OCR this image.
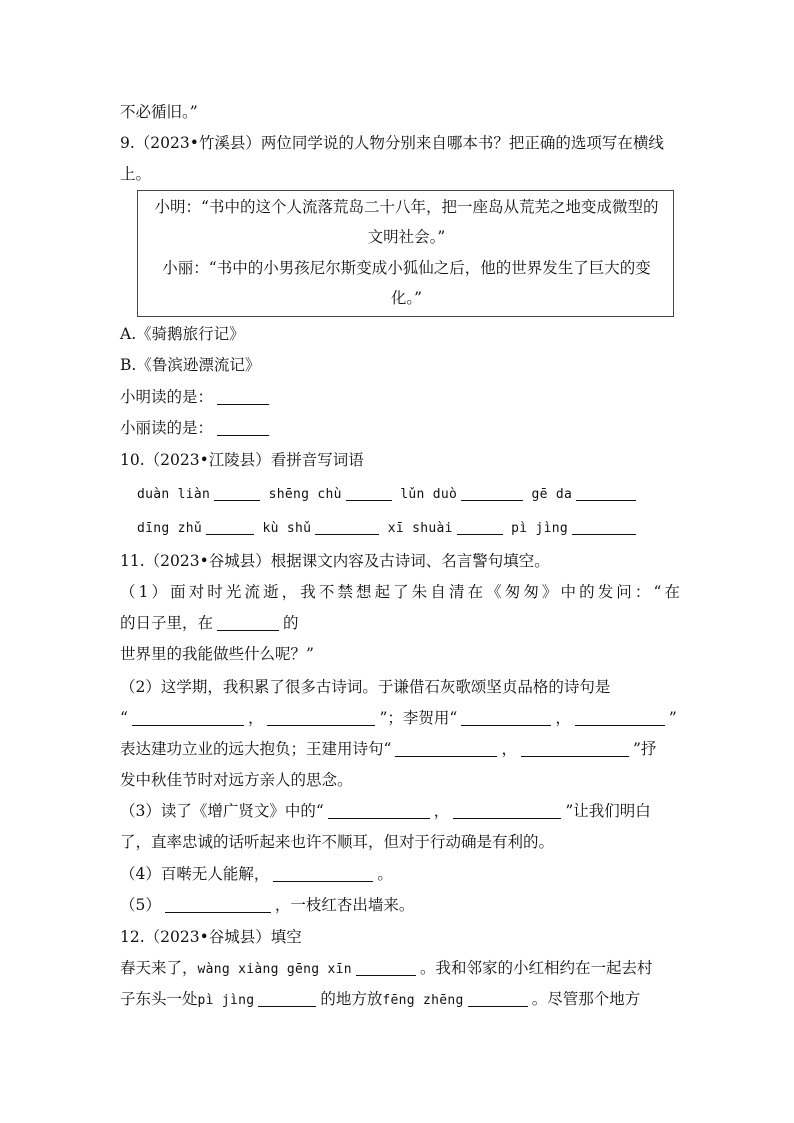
不必循旧。”
9.（2023•竹溪县）两位同学说的人物分别来自哪本书？把正确的选项写在横线
上。
小明：“书中的这个人流落荒岛二十八年，把一座岛从荒芜之地变成微型的
文明社会。”
小丽：“书中的小男孩尼尔斯变成小狐仙之后，他的世界发生了巨大的变
化。”
A.《骑鹅旅行记》
B.《鲁滨逊漂流记》
小明读的是：
小丽读的是：
10.（2023•江陵县）看拼音写词语
duàn liàn	shēng chù	lǔn duò	gē da
dīng zhǔ	kù shǔ	xī shuài	pì jìng
11.（2023•谷城县）根据课文内容及古诗词、名言警句填空。
（1）面对时光流逝，我不禁想起了朱自清在《匆匆》中的发问：“在
的日子里，在	的
世界里的我能做些什么呢？”
（2）这学期，我积累了很多古诗词。于谦借石灰歌颂坚贞品格的诗句是
“	，	”；李贺用“	，	”
表达建功立业的远大抱负；王建用诗句“	，	”抒
发中秋佳节时对远方亲人的思念。
（3）读了《增广贤文》中的“	，	”让我们明白
了，直率忠诚的话听起来也许不顺耳，但对于行动确是有利的。
（4）百啭无人能解，	。
（5）	，一枝红杏出墙来。
12.（2023•谷城县）填空
春天来了，wàng xiàng gēng xīn	。我和邻家的小红相约在一起去村
子东头一处pì jìng	的地方放fēng zhēng	。尽管那个地方
